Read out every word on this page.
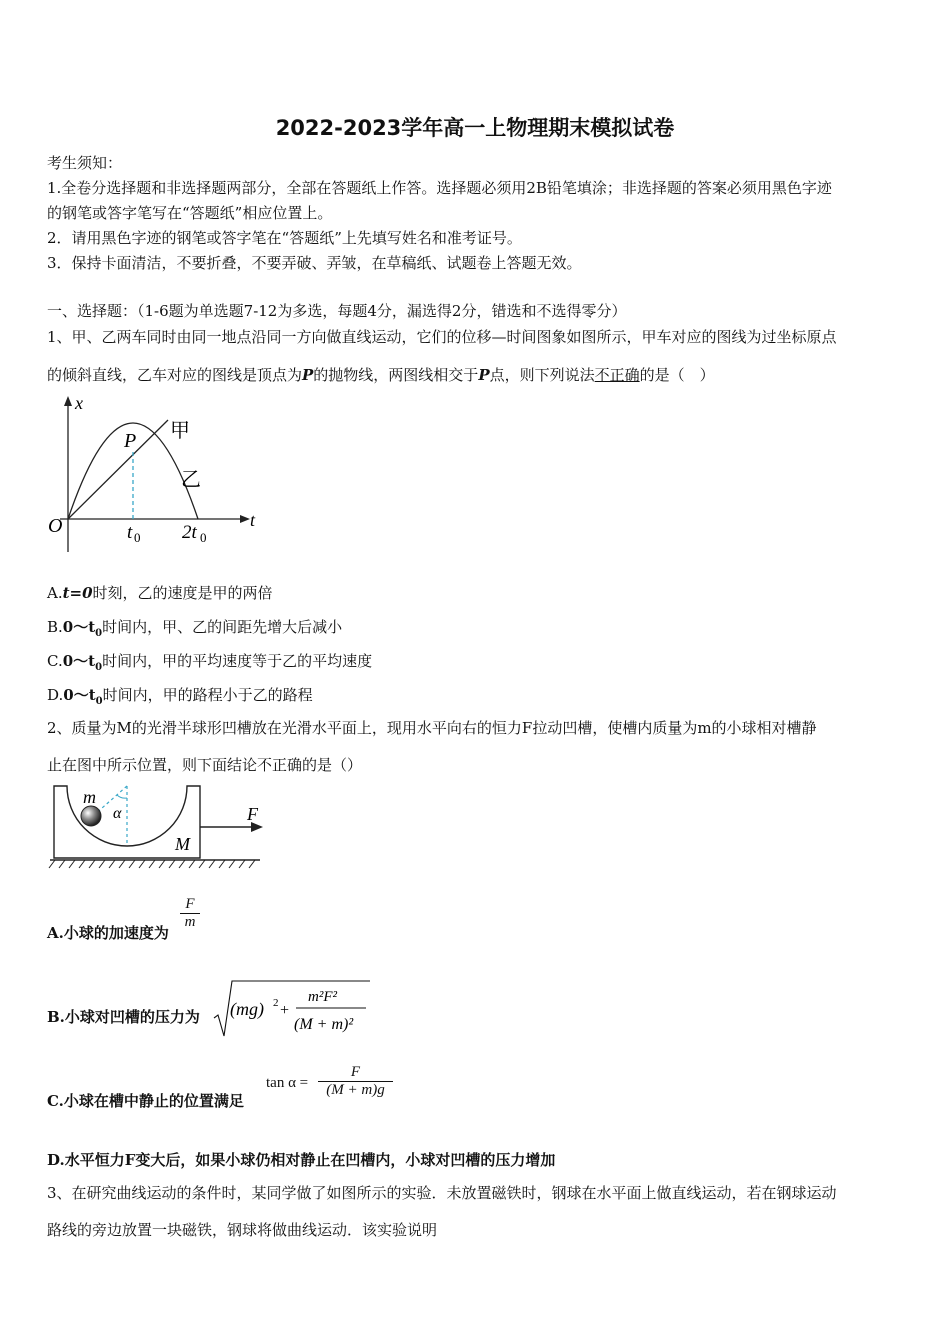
2022-2023学年高一上物理期末模拟试卷
考生须知：
1.全卷分选择题和非选择题两部分，全部在答题纸上作答。选择题必须用2B铅笔填涂；非选择题的答案必须用黑色字迹
的钢笔或答字笔写在“答题纸”相应位置上。
2．请用黑色字迹的钢笔或答字笔在“答题纸”上先填写姓名和准考证号。
3．保持卡面清洁，不要折叠，不要弄破、弄皱，在草稿纸、试题卷上答题无效。
一、选择题：（1-6题为单选题7-12为多选，每题4分，漏选得2分，错选和不选得零分）
1、甲、乙两车同时由同一地点沿同一方向做直线运动，它们的位移—时间图象如图所示，甲车对应的图线为过坐标原点
的倾斜直线，乙车对应的图线是顶点为P的抛物线，两图线相交于P点，则下列说法不正确的是（　）
x
t
O
P 甲
乙
t 0 2t 0
A.t=0时刻，乙的速度是甲的两倍
$B.0\sim t_0$时间内，甲、乙的间距先增大后减小
$C.0\sim t_0$时间内，甲的平均速度等于乙的平均速度
$D.0\sim t_0$时间内，甲的路程小于乙的路程
2、质量为M的光滑半球形凹槽放在光滑水平面上，现用水平向右的恒力F拉动凹槽，使槽内质量为m的小球相对槽静
止在图中所示位置，则下面结论不正确的是（）
m
α
M
F
A.小球的加速度为
$\frac{F}{m}$
B.小球对凹槽的压力为 (mg) 2 +
m²F²
(M + m)²
C.小球在槽中静止的位置满足
$\tan \alpha = \frac{F}{(M + m)g}$
D.水平恒力F变大后，如果小球仍相对静止在凹槽内，小球对凹槽的压力增加
3、在研究曲线运动的条件时，某同学做了如图所示的实验．未放置磁铁时，钢球在水平面上做直线运动，若在钢球运动
路线的旁边放置一块磁铁，钢球将做曲线运动．该实验说明
